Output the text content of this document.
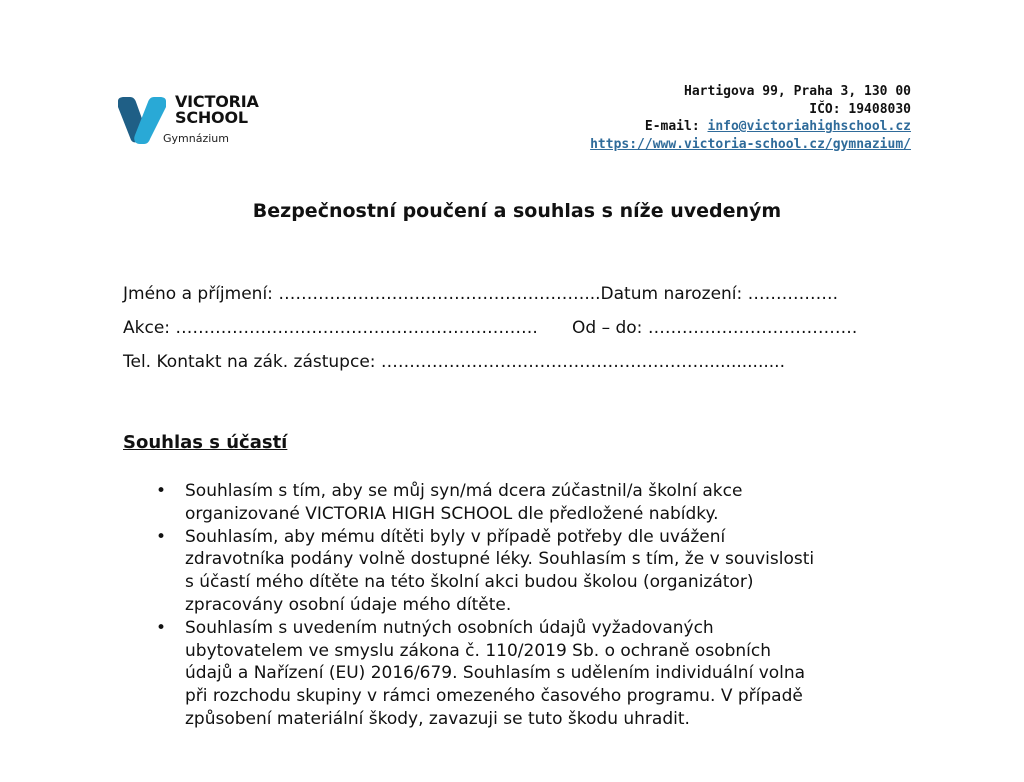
VICTORIA
SCHOOL
Gymnázium
Hartigova 99, Praha 3, 130 00
IČO: 19408030
E-mail: info@victoriahighschool.cz
https://www.victoria-school.cz/gymnazium/
Bezpečnostní poučení a souhlas s níže uvedeným
Jméno a příjmení: ………………………………………………...Datum narození: …………….
Akce: ………………………………………………………. Od – do: ……………………………….
Tel. Kontakt na zák. zástupce: …………………………………………………...............
Souhlas s účastí
• Souhlasím s tím, aby se můj syn/má dcera zúčastnil/a školní akce
organizované VICTORIA HIGH SCHOOL dle předložené nabídky.
• Souhlasím, aby mému dítěti byly v případě potřeby dle uvážení
zdravotníka podány volně dostupné léky. Souhlasím s tím, že v souvislosti
s účastí mého dítěte na této školní akci budou školou (organizátor)
zpracovány osobní údaje mého dítěte.
• Souhlasím s uvedením nutných osobních údajů vyžadovaných
ubytovatelem ve smyslu zákona č. 110/2019 Sb. o ochraně osobních
údajů a Nařízení (EU) 2016/679. Souhlasím s udělením individuální volna
při rozchodu skupiny v rámci omezeného časového programu. V případě
způsobení materiální škody, zavazuji se tuto škodu uhradit.
